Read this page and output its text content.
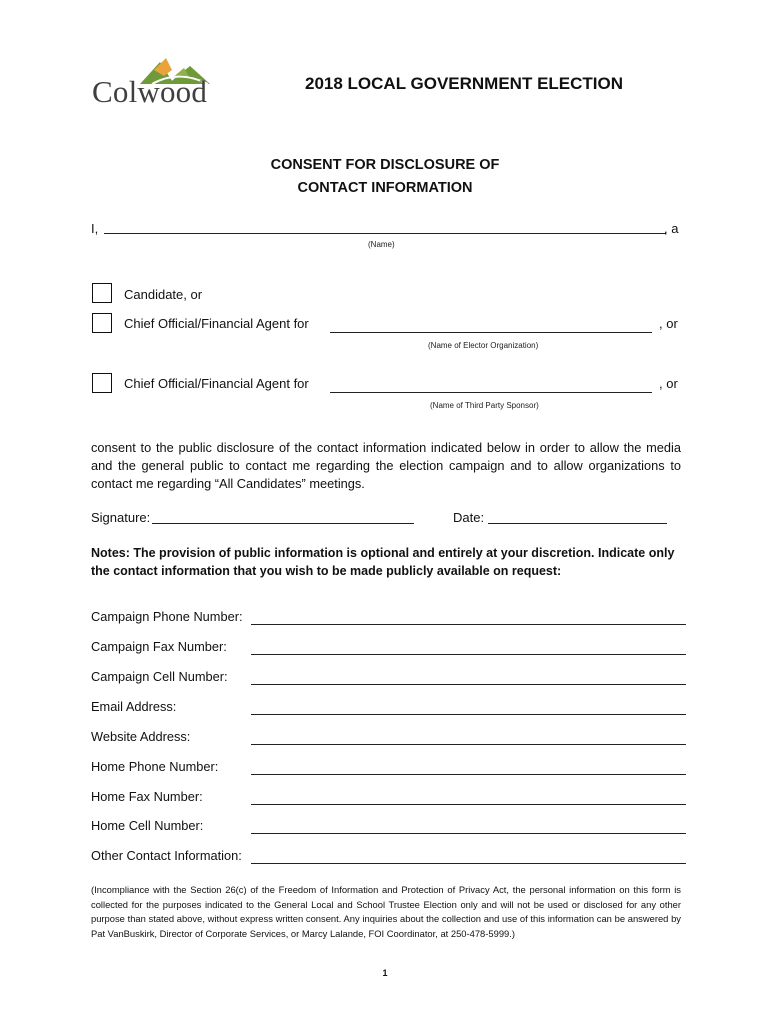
Colwood	2018 LOCAL GOVERNMENT ELECTION
CONSENT FOR DISCLOSURE OF
CONTACT INFORMATION
I,	, a
(Name)
Candidate, or
Chief Official/Financial Agent for	, or
(Name of Elector Organization)
Chief Official/Financial Agent for	, or
(Name of Third Party Sponsor)
consent to the public disclosure of the contact information indicated below in order to allow the media and the general public to contact me regarding the election campaign and to allow organizations to contact me regarding “All Candidates” meetings.
Signature:	Date:
Notes: The provision of public information is optional and entirely at your discretion. Indicate only the contact information that you wish to be made publicly available on request:
Campaign Phone Number:
Campaign Fax Number:
Campaign Cell Number:
Email Address:
Website Address:
Home Phone Number:
Home Fax Number:
Home Cell Number:
Other Contact Information:
(Incompliance with the Section 26(c) of the Freedom of Information and Protection of Privacy Act, the personal information on this form is collected for the purposes indicated to the General Local and School Trustee Election only and will not be used or disclosed for any other purpose than stated above, without express written consent. Any inquiries about the collection and use of this information can be answered by Pat VanBuskirk, Director of Corporate Services, or Marcy Lalande, FOI Coordinator, at 250-478-5999.)
1
